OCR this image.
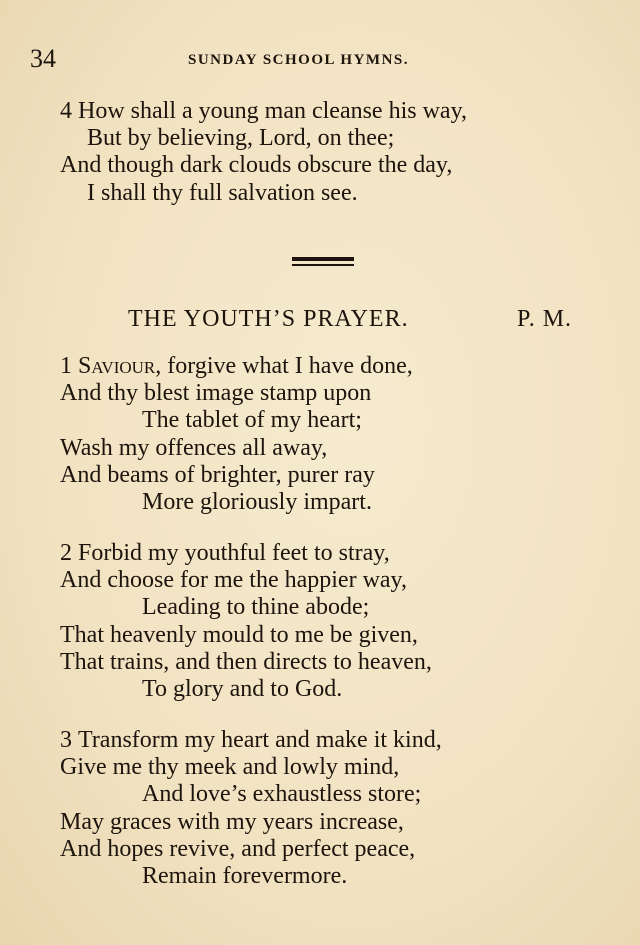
34	SUNDAY SCHOOL HYMNS.
4 How shall a young man cleanse his way,
But by believing, Lord, on thee;
And though dark clouds obscure the day,
I shall thy full salvation see.
THE YOUTH’S PRAYER.	P. M.
1 Saviour, forgive what I have done,
And thy blest image stamp upon
The tablet of my heart;
Wash my offences all away,
And beams of brighter, purer ray
More gloriously impart.
2 Forbid my youthful feet to stray,
And choose for me the happier way,
Leading to thine abode;
That heavenly mould to me be given,
That trains, and then directs to heaven,
To glory and to God.
3 Transform my heart and make it kind,
Give me thy meek and lowly mind,
And love’s exhaustless store;
May graces with my years increase,
And hopes revive, and perfect peace,
Remain forevermore.
